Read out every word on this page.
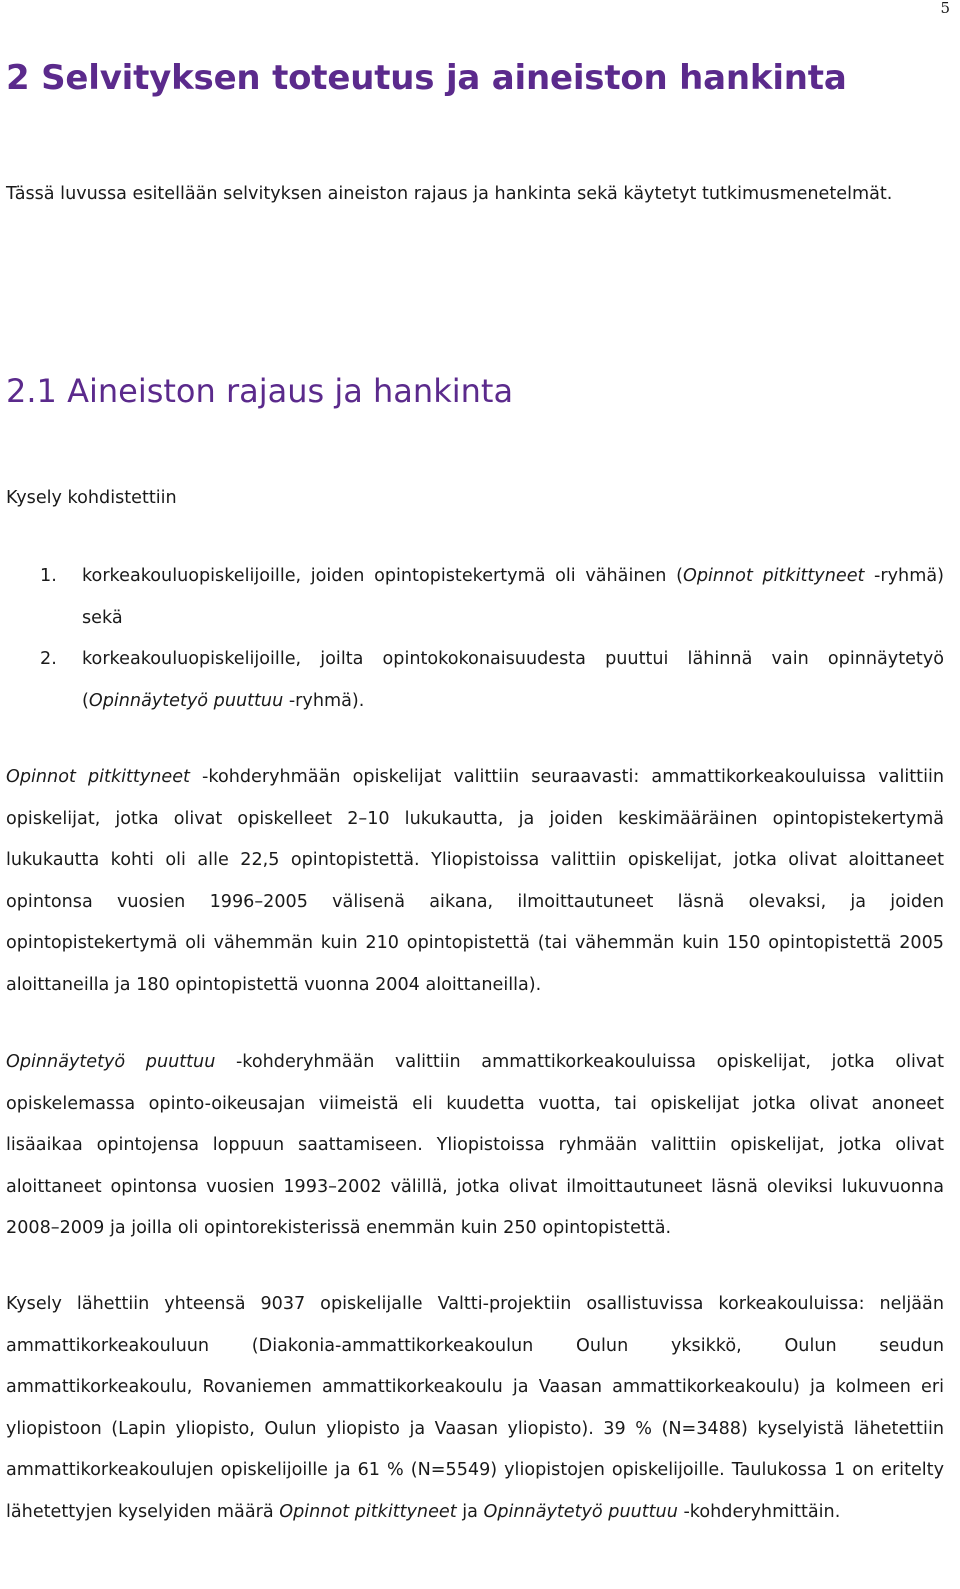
5
2 Selvityksen toteutus ja aineiston hankinta

Tässä luvussa esitellään selvityksen aineiston rajaus ja hankinta sekä käytetyt tutkimusmenetelmät.

2.1 Aineiston rajaus ja hankinta

Kysely kohdistettiin

1. korkeakouluopiskelijoille, joiden opintopistekertymä oli vähäinen (Opinnot pitkittyneet -ryhmä) sekä
2. korkeakouluopiskelijoille, joilta opintokokonaisuudesta puuttui lähinnä vain opinnäytetyö (Opinnäytetyö puuttuu -ryhmä).

Opinnot pitkittyneet -kohderyhmään opiskelijat valittiin seuraavasti: ammattikorkeakouluissa valittiin opiskelijat, jotka olivat opiskelleet 2–10 lukukautta, ja joiden keskimääräinen opintopistekertymä lukukautta kohti oli alle 22,5 opintopistettä. Yliopistoissa valittiin opiskelijat, jotka olivat aloittaneet opintonsa vuosien 1996–2005 välisenä aikana, ilmoittautuneet läsnä olevaksi, ja joiden opintopistekertymä oli vähemmän kuin 210 opintopistettä (tai vähemmän kuin 150 opintopistettä 2005 aloittaneilla ja 180 opintopistettä vuonna 2004 aloittaneilla).

Opinnäytetyö puuttuu -kohderyhmään valittiin ammattikorkeakouluissa opiskelijat, jotka olivat opiskelemassa opinto-oikeusajan viimeistä eli kuudetta vuotta, tai opiskelijat jotka olivat anoneet lisäaikaa opintojensa loppuun saattamiseen. Yliopistoissa ryhmään valittiin opiskelijat, jotka olivat aloittaneet opintonsa vuosien 1993–2002 välillä, jotka olivat ilmoittautuneet läsnä oleviksi lukuvuonna 2008–2009 ja joilla oli opintorekisterissä enemmän kuin 250 opintopistettä.

Kysely lähettiin yhteensä 9037 opiskelijalle Valtti-projektiin osallistuvissa korkeakouluissa: neljään ammattikorkeakouluun (Diakonia-ammattikorkeakoulun Oulun yksikkö, Oulun seudun ammattikorkeakoulu, Rovaniemen ammattikorkeakoulu ja Vaasan ammattikorkeakoulu) ja kolmeen eri yliopistoon (Lapin yliopisto, Oulun yliopisto ja Vaasan yliopisto). 39 % (N=3488) kyselyistä lähetettiin ammattikorkeakoulujen opiskelijoille ja 61 % (N=5549) yliopistojen opiskelijoille. Taulukossa 1 on eritelty lähetettyjen kyselyiden määrä Opinnot pitkittyneet ja Opinnäytetyö puuttuu -kohderyhmittäin.
